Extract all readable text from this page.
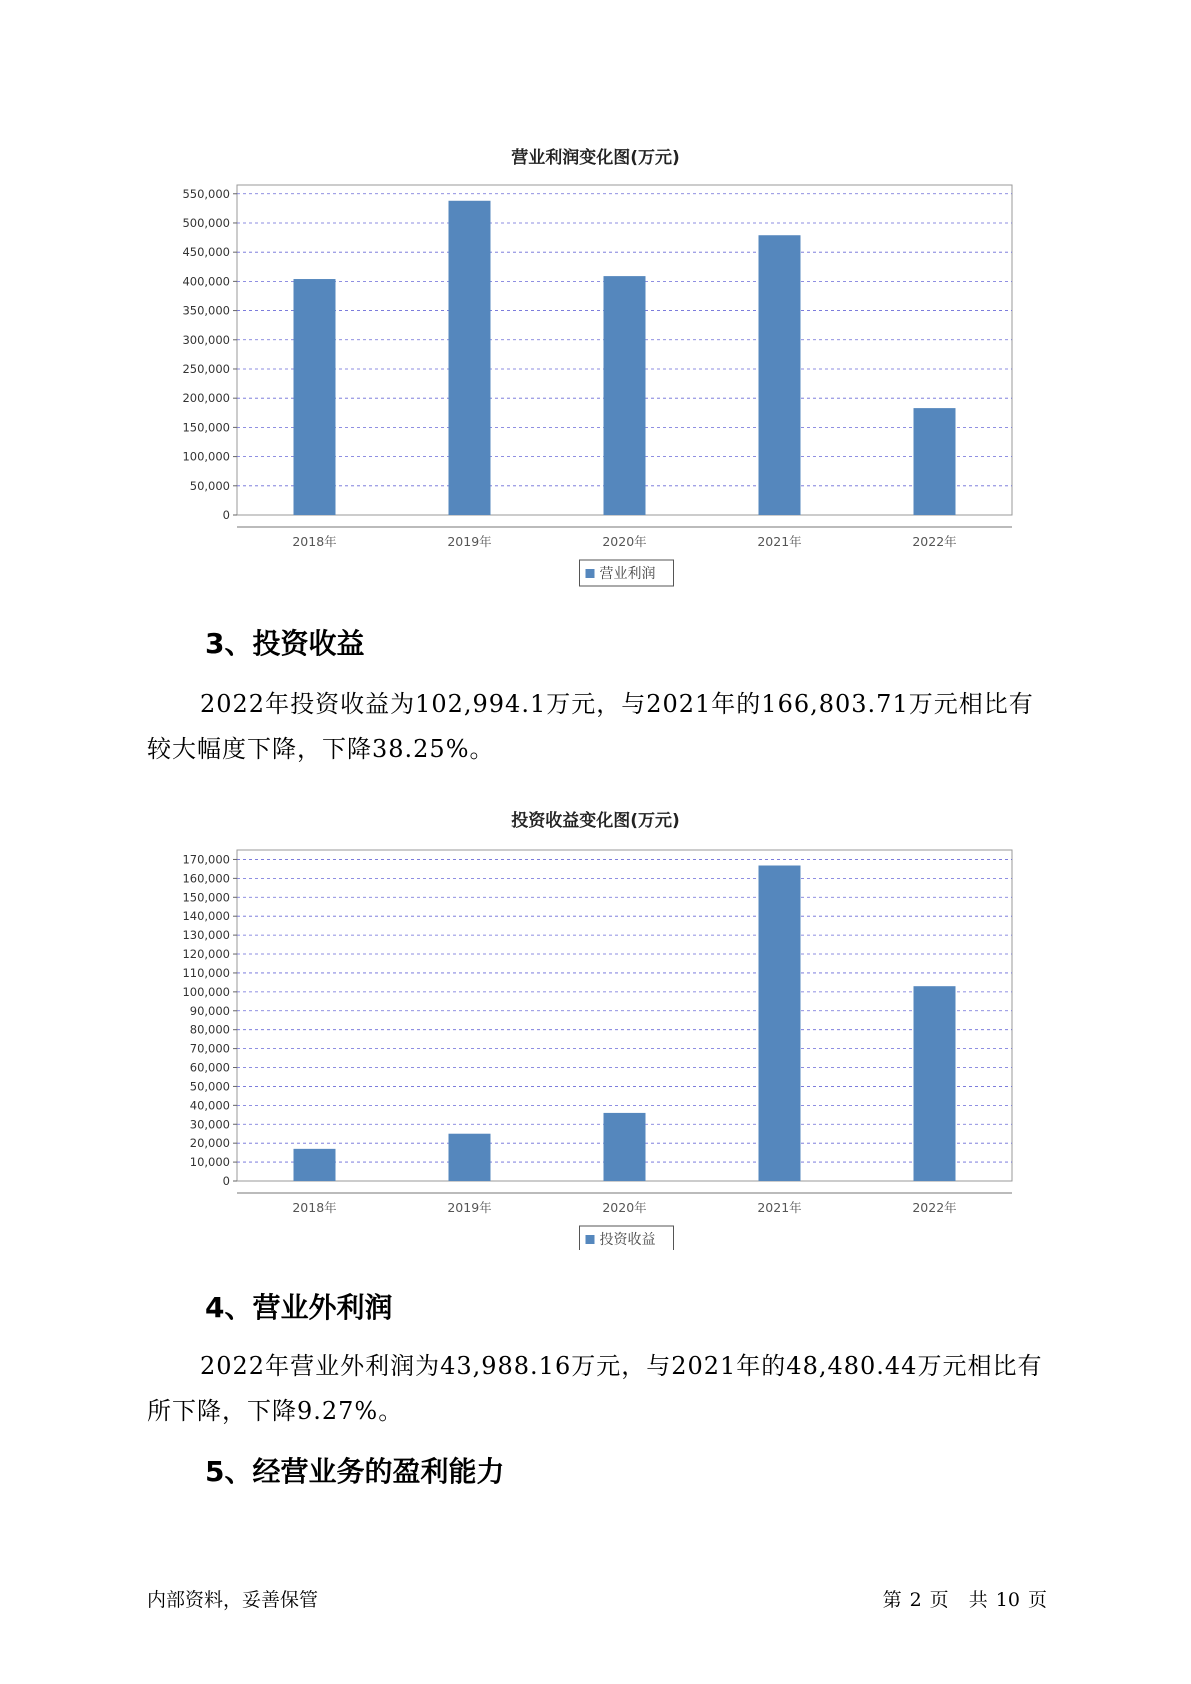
营业利润变化图(万元)
0
50,000
100,000
150,000
200,000
250,000
300,000
350,000
400,000
450,000
500,000
550,000
2018年	2019年	2020年	2021年	2022年
营业利润
3、投资收益
2022年投资收益为102,994.1万元，与2021年的166,803.71万元相比有较大幅度下降，下降38.25%。
投资收益变化图(万元)
0
10,000
20,000
30,000
40,000
50,000
60,000
70,000
80,000
90,000
100,000
110,000
120,000
130,000
140,000
150,000
160,000
170,000
2018年	2019年	2020年	2021年	2022年
投资收益
4、营业外利润
2022年营业外利润为43,988.16万元，与2021年的48,480.44万元相比有所下降，下降9.27%。
5、经营业务的盈利能力
内部资料，妥善保管	第 2 页 共 10 页
